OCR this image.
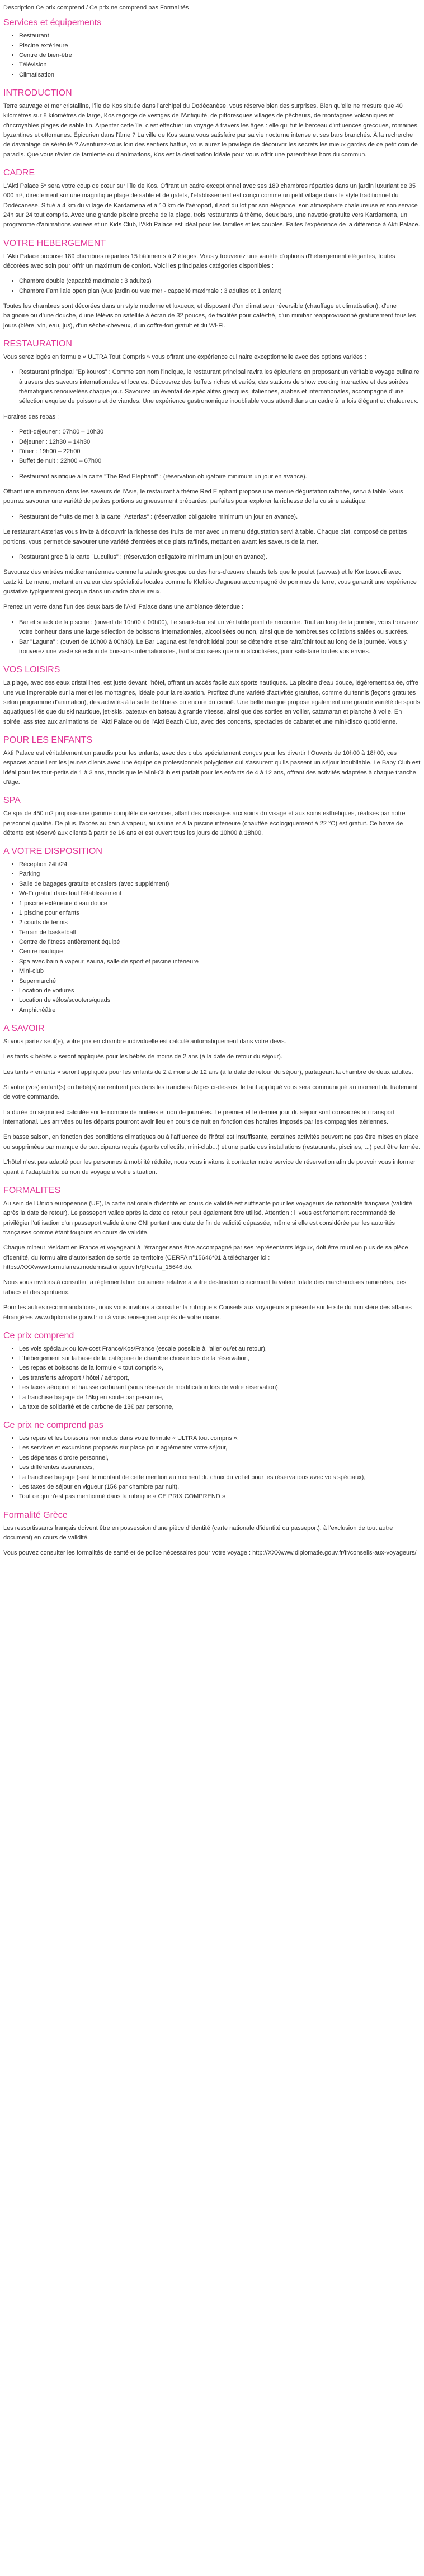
Description Ce prix comprend / Ce prix ne comprend pas Formalités

Services et équipements
• Restaurant
• Piscine extérieure
• Centre de bien-être
• Télévision
• Climatisation
INTRODUCTION

Terre sauvage et mer cristalline, l'île de Kos située dans l'archipel du Dodécanèse, vous réserve bien des surprises. Bien qu'elle ne mesure que 40 kilomètres sur 8 kilomètres de large, Kos regorge de vestiges de l'Antiquité, de pittoresques villages de pêcheurs, de montagnes volcaniques et d'incroyables plages de sable fin. Arpenter cette île, c'est effectuer un voyage à travers les âges : elle qui fut le berceau d'influences grecques, romaines, byzantines et ottomanes. Épicurien dans l'âme ? La ville de Kos saura vous satisfaire par sa vie nocturne intense et ses bars branchés. À la recherche de davantage de sérénité ? Aventurez-vous loin des sentiers battus, vous aurez le privilège de découvrir les secrets les mieux gardés de ce petit coin de paradis. Que vous rêviez de farniente ou d'animations, Kos est la destination idéale pour vous offrir une parenthèse hors du commun.

CADRE

L'Akti Palace 5* sera votre coup de cœur sur l'île de Kos. Offrant un cadre exceptionnel avec ses 189 chambres réparties dans un jardin luxuriant de 35 000 m², directement sur une magnifique plage de sable et de galets, l'établissement est conçu comme un petit village dans le style traditionnel du Dodécanèse. Situé à 4 km du village de Kardamena et à 10 km de l'aéroport, il sort du lot par son élégance, son atmosphère chaleureuse et son service 24h sur 24 tout compris. Avec une grande piscine proche de la plage, trois restaurants à thème, deux bars, une navette gratuite vers Kardamena, un programme d'animations variées et un Kids Club, l'Akti Palace est idéal pour les familles et les couples. Faites l'expérience de la différence à Akti Palace.

VOTRE HEBERGEMENT

L'Akti Palace propose 189 chambres réparties 15 bâtiments à 2 étages. Vous y trouverez une variété d'options d'hébergement élégantes, toutes décorées avec soin pour offrir un maximum de confort. Voici les principales catégories disponibles :

• Chambre double (capacité maximale : 3 adultes)
• Chambre Familiale open plan (vue jardin ou vue mer - capacité maximale : 3 adultes et 1 enfant)

Toutes les chambres sont décorées dans un style moderne et luxueux, et disposent d'un climatiseur réversible (chauffage et climatisation), d'une baignoire ou d'une douche, d'une télévision satellite à écran de 32 pouces, de facilités pour café/thé, d'un minibar réapprovisionné gratuitement tous les jours (bière, vin, eau, jus), d'un sèche-cheveux, d'un coffre-fort gratuit et du Wi-Fi.

RESTAURATION

Vous serez logés en formule « ULTRA Tout Compris » vous offrant une expérience culinaire exceptionnelle avec des options variées :

• Restaurant principal "Epikouros" : Comme son nom l'indique, le restaurant principal ravira les épicuriens en proposant un véritable voyage culinaire à travers des saveurs internationales et locales. Découvrez des buffets riches et variés, des stations de show cooking interactive et des soirées thématiques renouvelées chaque jour. Savourez un éventail de spécialités grecques, italiennes, arabes et internationales, accompagné d'une sélection exquise de poissons et de viandes. Une expérience gastronomique inoubliable vous attend dans un cadre à la fois élégant et chaleureux.

Horaires des repas :

• Petit-déjeuner : 07h00 – 10h30
• Déjeuner : 12h30 – 14h30
• Dîner : 19h00 – 22h00
• Buffet de nuit : 22h00 – 07h00
• Restaurant asiatique à la carte "The Red Elephant" : (réservation obligatoire minimum un jour en avance).

Offrant une immersion dans les saveurs de l'Asie, le restaurant à thème Red Elephant propose une menue dégustation raffinée, servi à table. Vous pourrez savourer une variété de petites portions soigneusement préparées, parfaites pour explorer la richesse de la cuisine asiatique.

• Restaurant de fruits de mer à la carte "Asterias" : (réservation obligatoire minimum un jour en avance).

Le restaurant Asterias vous invite à découvrir la richesse des fruits de mer avec un menu dégustation servi à table. Chaque plat, composé de petites portions, vous permet de savourer une variété d'entrées et de plats raffinés, mettant en avant les saveurs de la mer.

• Restaurant grec à la carte "Lucullus" : (réservation obligatoire minimum un jour en avance).

Savourez des entrées méditerranéennes comme la salade grecque ou des hors-d'œuvre chauds tels que le poulet (savvas) et le Kontosouvli avec tzatziki. Le menu, mettant en valeur des spécialités locales comme le Kleftiko d'agneau accompagné de pommes de terre, vous garantit une expérience gustative typiquement grecque dans un cadre chaleureux.

Prenez un verre dans l'un des deux bars de l'Akti Palace dans une ambiance détendue :

• Bar et snack de la piscine : (ouvert de 10h00 à 00h00), Le snack-bar est un véritable point de rencontre. Tout au long de la journée, vous trouverez votre bonheur dans une large sélection de boissons internationales, alcoolisées ou non, ainsi que de nombreuses collations salées ou sucrées.
• Bar "Laguna" : (ouvert de 10h00 à 00h30). Le Bar Laguna est l'endroit idéal pour se détendre et se rafraîchir tout au long de la journée. Vous y trouverez une vaste sélection de boissons internationales, tant alcoolisées que non alcoolisées, pour satisfaire toutes vos envies.
VOS LOISIRS

La plage, avec ses eaux cristallines, est juste devant l'hôtel, offrant un accès facile aux sports nautiques. La piscine d'eau douce, légèrement salée, offre une vue imprenable sur la mer et les montagnes, idéale pour la relaxation. Profitez d'une variété d'activités gratuites, comme du tennis (leçons gratuites selon programme d'animation), des activités à la salle de fitness ou encore du canoë. Une belle marque propose également une grande variété de sports aquatiques liés que du ski nautique, jet-skis, bateaux en bateau à grande vitesse, ainsi que des sorties en voilier, catamaran et planche à voile. En soirée, assistez aux animations de l'Akti Palace ou de l'Akti Beach Club, avec des concerts, spectacles de cabaret et une mini-disco quotidienne.

POUR LES ENFANTS

Akti Palace est véritablement un paradis pour les enfants, avec des clubs spécialement conçus pour les divertir ! Ouverts de 10h00 à 18h00, ces espaces accueillent les jeunes clients avec une équipe de professionnels polyglottes qui s'assurent qu'ils passent un séjour inoubliable. Le Baby Club est idéal pour les tout-petits de 1 à 3 ans, tandis que le Mini-Club est parfait pour les enfants de 4 à 12 ans, offrant des activités adaptées à chaque tranche d'âge.

SPA

Ce spa de 450 m2 propose une gamme complète de services, allant des massages aux soins du visage et aux soins esthétiques, réalisés par notre personnel qualifié. De plus, l'accès au bain à vapeur, au sauna et à la piscine intérieure (chauffée écologiquement à 22 °C) est gratuit. Ce havre de détente est réservé aux clients à partir de 16 ans et est ouvert tous les jours de 10h00 à 18h00.

A VOTRE DISPOSITION
• Réception 24h/24
• Parking
• Salle de bagages gratuite et casiers (avec supplément)
• Wi-Fi gratuit dans tout l'établissement
• 1 piscine extérieure d'eau douce
• 1 piscine pour enfants
• 2 courts de tennis
• Terrain de basketball
• Centre de fitness entièrement équipé
• Centre nautique
• Spa avec bain à vapeur, sauna, salle de sport et piscine intérieure
• Mini-club
• Supermarché
• Location de voitures
• Location de vélos/scooters/quads
• Amphithéâtre
A SAVOIR

Si vous partez seul(e), votre prix en chambre individuelle est calculé automatiquement dans votre devis.

Les tarifs « bébés » seront appliqués pour les bébés de moins de 2 ans (à la date de retour du séjour).

Les tarifs « enfants » seront appliqués pour les enfants de 2 à moins de 12 ans (à la date de retour du séjour), partageant la chambre de deux adultes.

Si votre (vos) enfant(s) ou bébé(s) ne rentrent pas dans les tranches d'âges ci-dessus, le tarif appliqué vous sera communiqué au moment du traitement de votre commande.

La durée du séjour est calculée sur le nombre de nuitées et non de journées. Le premier et le dernier jour du séjour sont consacrés au transport international. Les arrivées ou les départs pourront avoir lieu en cours de nuit en fonction des horaires imposés par les compagnies aériennes.

En basse saison, en fonction des conditions climatiques ou à l'affluence de l'hôtel est insuffisante, certaines activités peuvent ne pas être mises en place ou supprimées par manque de participants requis (sports collectifs, mini-club...) et une partie des installations (restaurants, piscines, ...) peut être fermée.

L'hôtel n'est pas adapté pour les personnes à mobilité réduite, nous vous invitons à contacter notre service de réservation afin de pouvoir vous informer quant à l'adaptabilité ou non du voyage à votre situation.

FORMALITES

Au sein de l'Union européenne (UE), la carte nationale d'identité en cours de validité est suffisante pour les voyageurs de nationalité française (validité après la date de retour). Le passeport valide après la date de retour peut également être utilisé. Attention : il vous est fortement recommandé de privilégier l'utilisation d'un passeport valide à une CNI portant une date de fin de validité dépassée, même si elle est considérée par les autorités françaises comme étant toujours en cours de validité.

Chaque mineur résidant en France et voyageant à l'étranger sans être accompagné par ses représentants légaux, doit être muni en plus de sa pièce d'identité, du formulaire d'autorisation de sortie de territoire (CERFA n°15646*01 à télécharger ici : https://XXXwww.formulaires.modernisation.gouv.fr/gf/cerfa_15646.do.

Nous vous invitons à consulter la réglementation douanière relative à votre destination concernant la valeur totale des marchandises ramenées, des tabacs et des spiritueux.

Pour les autres recommandations, nous vous invitons à consulter la rubrique « Conseils aux voyageurs » présente sur le site du ministère des affaires étrangères www.diplomatie.gouv.fr ou à vous renseigner auprès de votre mairie.

Ce prix comprend
• Les vols spéciaux ou low-cost France/Kos/France (escale possible à l'aller ou/et au retour),
• L'hébergement sur la base de la catégorie de chambre choisie lors de la réservation,
• Les repas et boissons de la formule « tout compris »,
• Les transferts aéroport / hôtel / aéroport,
• Les taxes aéroport et hausse carburant (sous réserve de modification lors de votre réservation),
• La franchise bagage de 15kg en soute par personne,
• La taxe de solidarité et de carbone de 13€ par personne,
Ce prix ne comprend pas
• Les repas et les boissons non inclus dans votre formule « ULTRA tout compris »,
• Les services et excursions proposés sur place pour agrémenter votre séjour,
• Les dépenses d'ordre personnel,
• Les différentes assurances,
• La franchise bagage (seul le montant de cette mention au moment du choix du vol et pour les réservations avec vols spéciaux),
• Les taxes de séjour en vigueur (15€ par chambre par nuit),
• Tout ce qui n'est pas mentionné dans la rubrique « CE PRIX COMPREND »
Formalité Grèce

Les ressortissants français doivent être en possession d'une pièce d'identité (carte nationale d'identité ou passeport), à l'exclusion de tout autre document) en cours de validité.

Vous pouvez consulter les formalités de santé et de police nécessaires pour votre voyage : http://XXXwww.diplomatie.gouv.fr/fr/conseils-aux-voyageurs/
